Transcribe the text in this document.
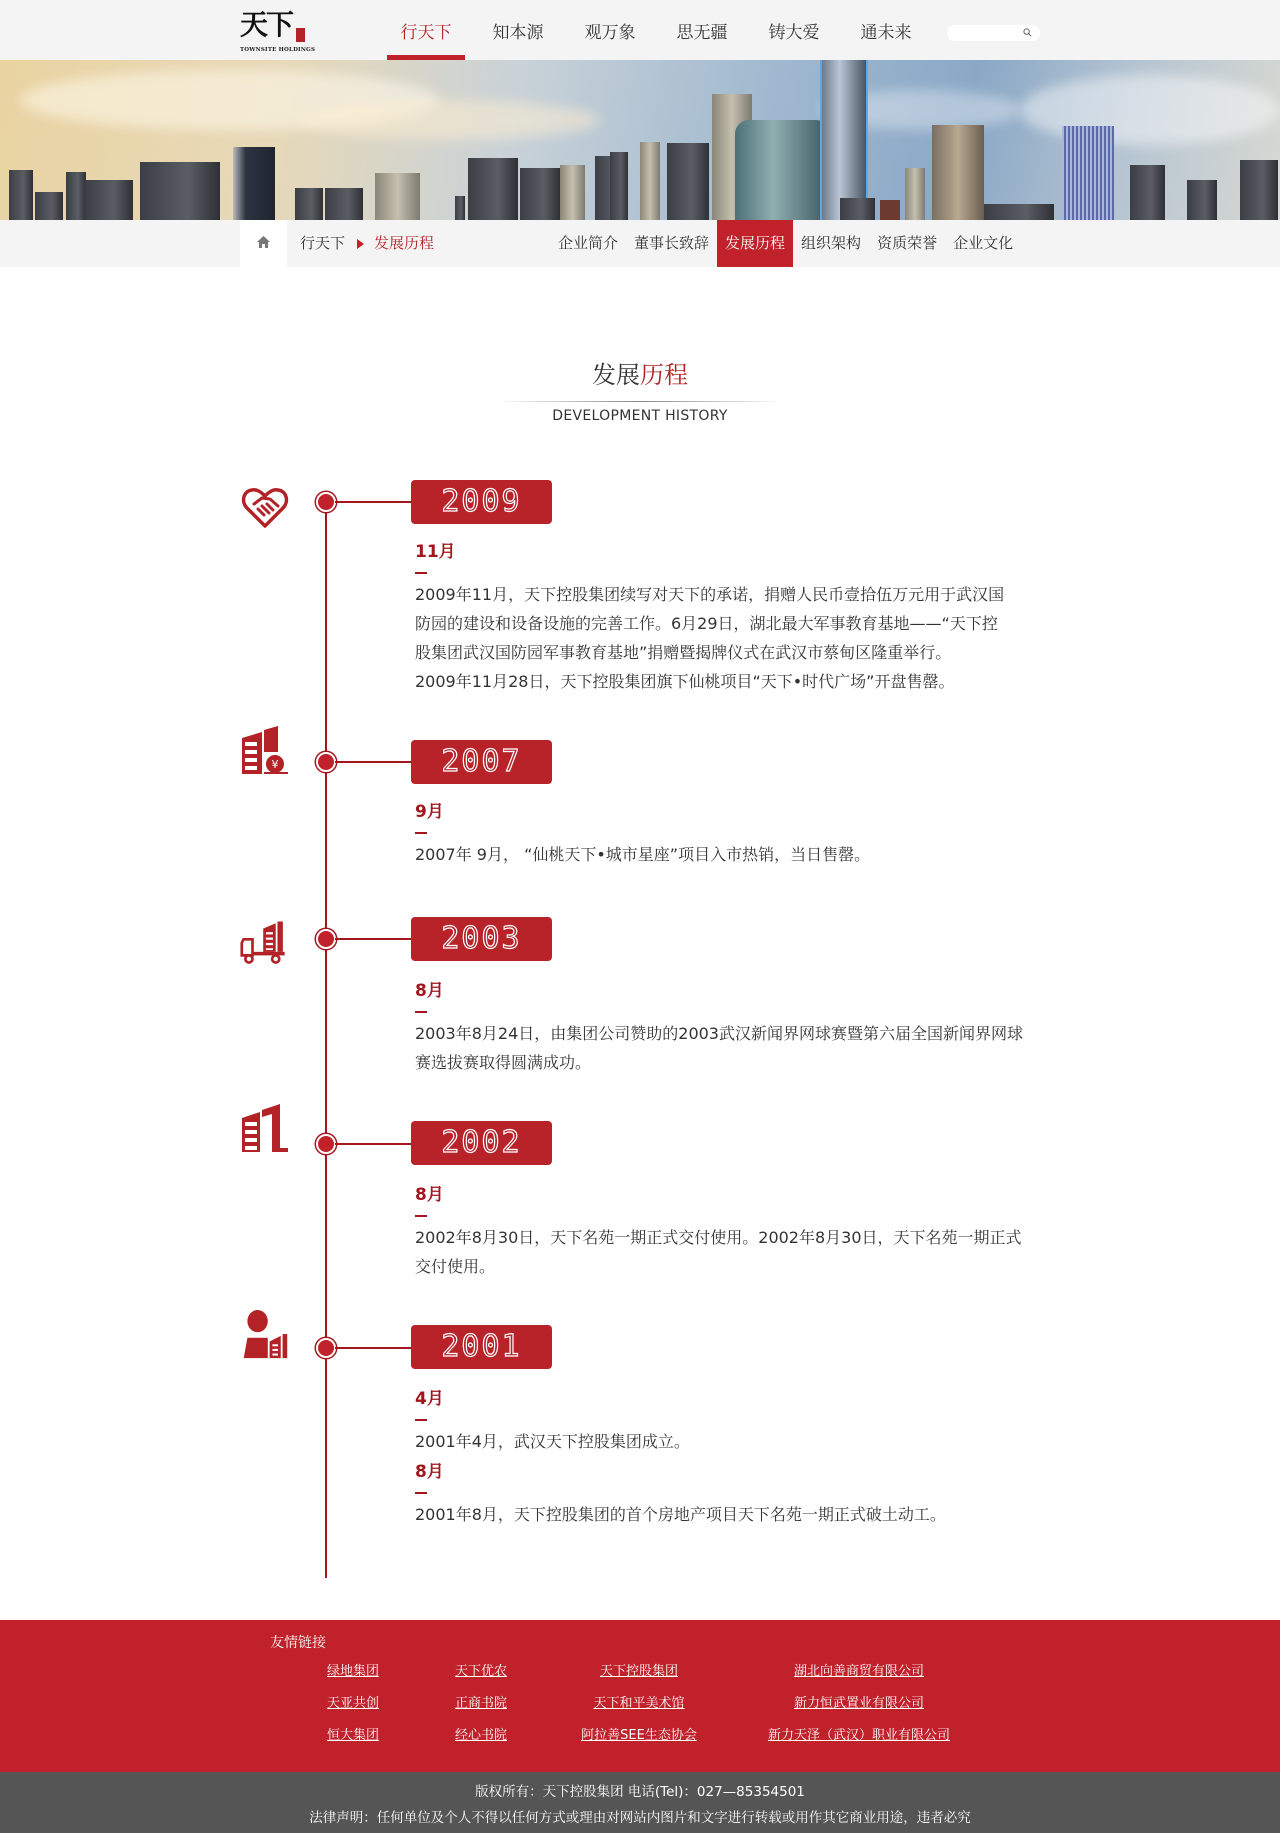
天下
TOWNSITE HOLDINGS
行天下	知本源	观万象	思无疆	铸大爱	通未来
行天下 发展历程	企业简介	董事长致辞	发展历程	组织架构	资质荣誉	企业文化
发展历程
DEVELOPMENT HISTORY
2009
11月
2009年11月，天下控股集团续写对天下的承诺，捐赠人民币壹拾伍万元用于武汉国
防园的建设和设备设施的完善工作。6月29日，湖北最大军事教育基地——“天下控
股集团武汉国防园军事教育基地”捐赠暨揭牌仪式在武汉市蔡甸区隆重举行。
2009年11月28日，天下控股集团旗下仙桃项目“天下•时代广场”开盘售罄。
¥	2007
9月
2007年 9月， “仙桃天下•城市星座”项目入市热销，当日售罄。
2003
8月
2003年8月24日，由集团公司赞助的2003武汉新闻界网球赛暨第六届全国新闻界网球
赛选拔赛取得圆满成功。
2002
8月
2002年8月30日，天下名苑一期正式交付使用。2002年8月30日，天下名苑一期正式
交付使用。
2001
4月
2001年4月，武汉天下控股集团成立。
8月
2001年8月，天下控股集团的首个房地产项目天下名苑一期正式破土动工。
友情链接
绿地集团	天下优农	天下控股集团	湖北向善商贸有限公司
天亚共创	正商书院	天下和平美术馆	新力恒武置业有限公司
恒大集团	经心书院	阿拉善SEE生态协会	新力天泽（武汉）职业有限公司
版权所有：天下控股集团 电话(Tel)：027—85354501
法律声明：任何单位及个人不得以任何方式或理由对网站内图片和文字进行转载或用作其它商业用途，违者必究
